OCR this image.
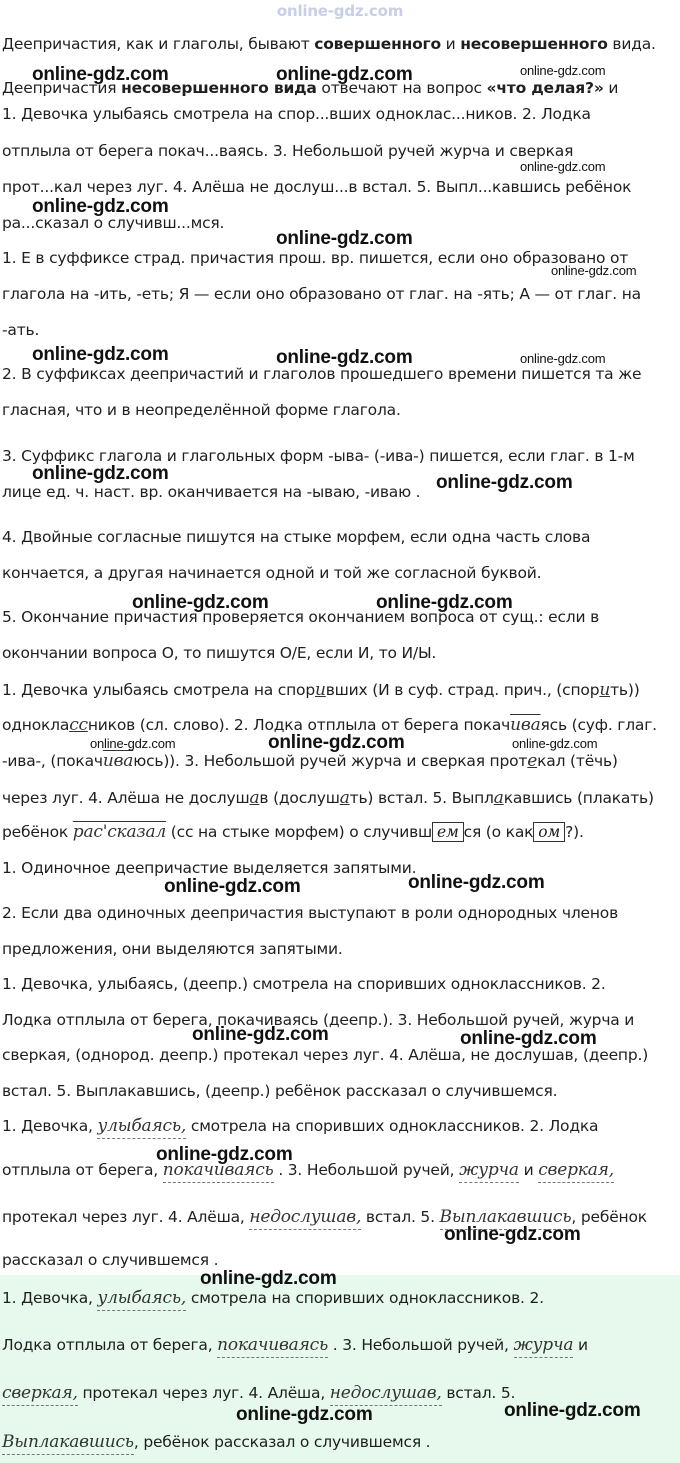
online-gdz.com
Деепричастия, как и глаголы, бывают совершенного и несовершенного вида.
Деепричастия несовершенного вида отвечают на вопрос «что делая?» и
1. Девочка улыбаясь смотрела на спор...вших одноклас...ников. 2. Лодка
отплыла от берега покач...ваясь. 3. Небольшой ручей журча и сверкая
прот...кал через луг. 4. Алёша не дослуш...в встал. 5. Выпл...кавшись ребёнок
ра...сказал о случивш...мся.
1. Е в суффиксе страд. причастия прош. вр. пишется, если оно образовано от
глагола на -ить, -еть; Я — если оно образовано от глаг. на -ять; А — от глаг. на
-ать.
2. В суффиксах деепричастий и глаголов прошедшего времени пишется та же
гласная, что и в неопределённой форме глагола.
3. Суффикс глагола и глагольных форм -ыва- (-ива-) пишется, если глаг. в 1-м
лице ед. ч. наст. вр. оканчивается на -ываю, -иваю .
4. Двойные согласные пишутся на стыке морфем, если одна часть слова
кончается, а другая начинается одной и той же согласной буквой.
5. Окончание причастия проверяется окончанием вопроса от сущ.: если в
окончании вопроса О, то пишутся О/Е, если И, то И/Ы.
1. Девочка улыбаясь смотрела на споривших (И в суф. страд. прич., (спорить))
одноклассников (сл. слово). 2. Лодка отплыла от берега покачиваясь (суф. глаг.
-ива-, (покачиваюсь)). 3. Небольшой ручей журча и сверкая протекал (тёчь)
через луг. 4. Алёша не дослушав (дослушать) встал. 5. Выплакавшись (плакать)
ребёнок рас'сказал (сс на стыке морфем) о случивш ем ся (о как ом ?).
1. Одиночное деепричастие выделяется запятыми.
2. Если два одиночных деепричастия выступают в роли однородных членов
предложения, они выделяются запятыми.
1. Девочка, улыбаясь, (деепр.) смотрела на споривших одноклассников. 2.
Лодка отплыла от берега, покачиваясь (деепр.). 3. Небольшой ручей, журча и
сверкая, (однород. деепр.) протекал через луг. 4. Алёша, не дослушав, (деепр.)
встал. 5. Выплакавшись, (деепр.) ребёнок рассказал о случившемся.
1. Девочка, улыбаясь, смотрела на споривших одноклассников. 2. Лодка
отплыла от берега, покачиваясь . 3. Небольшой ручей, журча и сверкая,
протекал через луг. 4. Алёша, недослушав, встал. 5. Выплакавшись, ребёнок
рассказал о случившемся .
1. Девочка, улыбаясь, смотрела на споривших одноклассников. 2.
Лодка отплыла от берега, покачиваясь . 3. Небольшой ручей, журча и
сверкая, протекал через луг. 4. Алёша, недослушав, встал. 5.
Выплакавшись, ребёнок рассказал о случившемся .
online-gdz.com	online-gdz.com	online-gdz.com
online-gdz.com
online-gdz.com
online-gdz.com
online-gdz.com
online-gdz.com	online-gdz.com	online-gdz.com
online-gdz.com	online-gdz.com
online-gdz.com	online-gdz.com
online-gdz.com	online-gdz.com	online-gdz.com
online-gdz.com	online-gdz.com
online-gdz.com	online-gdz.com
online-gdz.com
online-gdz.com
online-gdz.com
online-gdz.com	online-gdz.com
